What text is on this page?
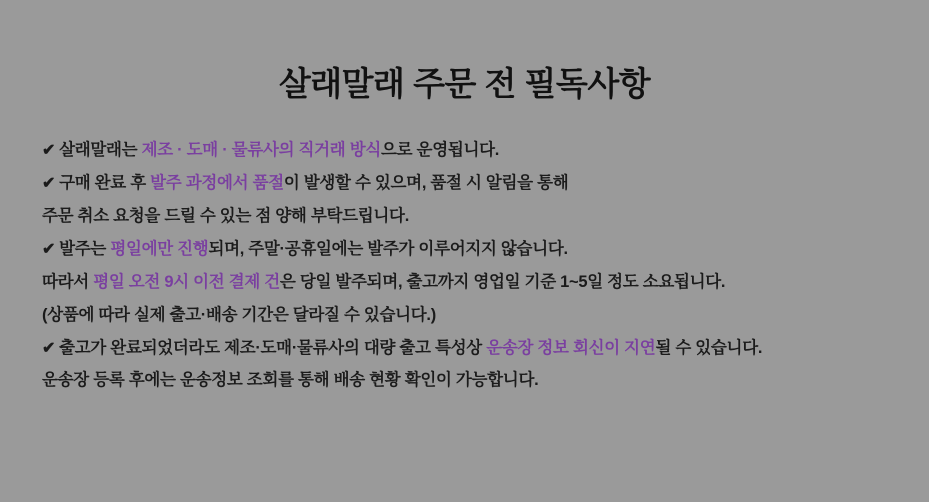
살래말래 주문 전 필독사항

✔ 살래말래는 제조 · 도매 · 물류사의 직거래 방식으로 운영됩니다.

✔ 구매 완료 후 발주 과정에서 품절이 발생할 수 있으며, 품절 시 알림을 통해

주문 취소 요청을 드릴 수 있는 점 양해 부탁드립니다.

✔ 발주는 평일에만 진행되며, 주말·공휴일에는 발주가 이루어지지 않습니다.

따라서 평일 오전 9시 이전 결제 건은 당일 발주되며, 출고까지 영업일 기준 1~5일 정도 소요됩니다.

(상품에 따라 실제 출고·배송 기간은 달라질 수 있습니다.)

✔ 출고가 완료되었더라도 제조·도매·물류사의 대량 출고 특성상 운송장 정보 회신이 지연될 수 있습니다.

운송장 등록 후에는 운송정보 조회를 통해 배송 현황 확인이 가능합니다.
